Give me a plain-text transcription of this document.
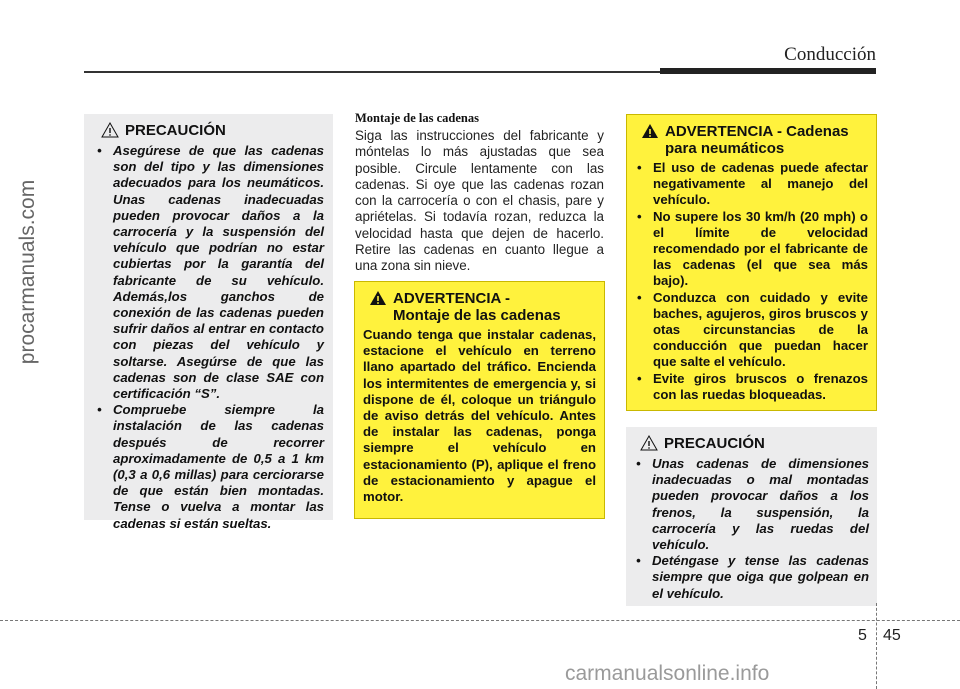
Conducción
procarmanuals.com
PRECAUCIÓN
• Asegúrese de que las cadenas son del tipo y las dimensiones adecuados para los neumáticos. Unas cadenas inadecuadas pueden provocar daños a la carrocería y la suspensión del vehículo que podrían no estar cubiertas por la garantía del fabricante de su vehículo. Además,los ganchos de conexión de las cadenas pueden sufrir daños al entrar en contacto con piezas del vehículo y soltarse. Asegúrse de que las cadenas son de clase SAE con certificación “S”.
• Compruebe siempre la instalación de las cadenas después de recorrer aproximadamente de 0,5 a 1 km (0,3 a 0,6 millas) para cerciorarse de que están bien montadas. Tense o vuelva a montar las cadenas si están sueltas.
Montaje de las cadenas
Siga las instrucciones del fabricante y móntelas lo más ajustadas que sea posible. Circule lentamente con las cadenas. Si oye que las cadenas rozan con la carrocería o con el chasis, pare y apriételas. Si todavía rozan, reduzca la velocidad hasta que dejen de hacerlo. Retire las cadenas en cuanto llegue a una zona sin nieve.
ADVERTENCIA -
Montaje de las cadenas
Cuando tenga que instalar cadenas, estacione el vehículo en terreno llano apartado del tráfico. Encienda los intermitentes de emergencia y, si dispone de él, coloque un triángulo de aviso detrás del vehículo. Antes de instalar las cadenas, ponga siempre el vehículo en estacionamiento (P), aplique el freno de estacionamiento y apague el motor.
ADVERTENCIA - Cadenas
para neumáticos
• El uso de cadenas puede afectar negativamente al manejo del vehículo.
• No supere los 30 km/h (20 mph) o el límite de velocidad recomendado por el fabricante de las cadenas (el que sea más bajo).
• Conduzca con cuidado y evite baches, agujeros, giros bruscos y otas circunstancias de la conducción que puedan hacer que salte el vehículo.
• Evite giros bruscos o frenazos con las ruedas bloqueadas.
PRECAUCIÓN
• Unas cadenas de dimensiones inadecuadas o mal montadas pueden provocar daños a los frenos, la suspensión, la carrocería y las ruedas del vehículo.
• Deténgase y tense las cadenas siempre que oiga que golpean en el vehículo.
5 45
carmanualsonline.info
